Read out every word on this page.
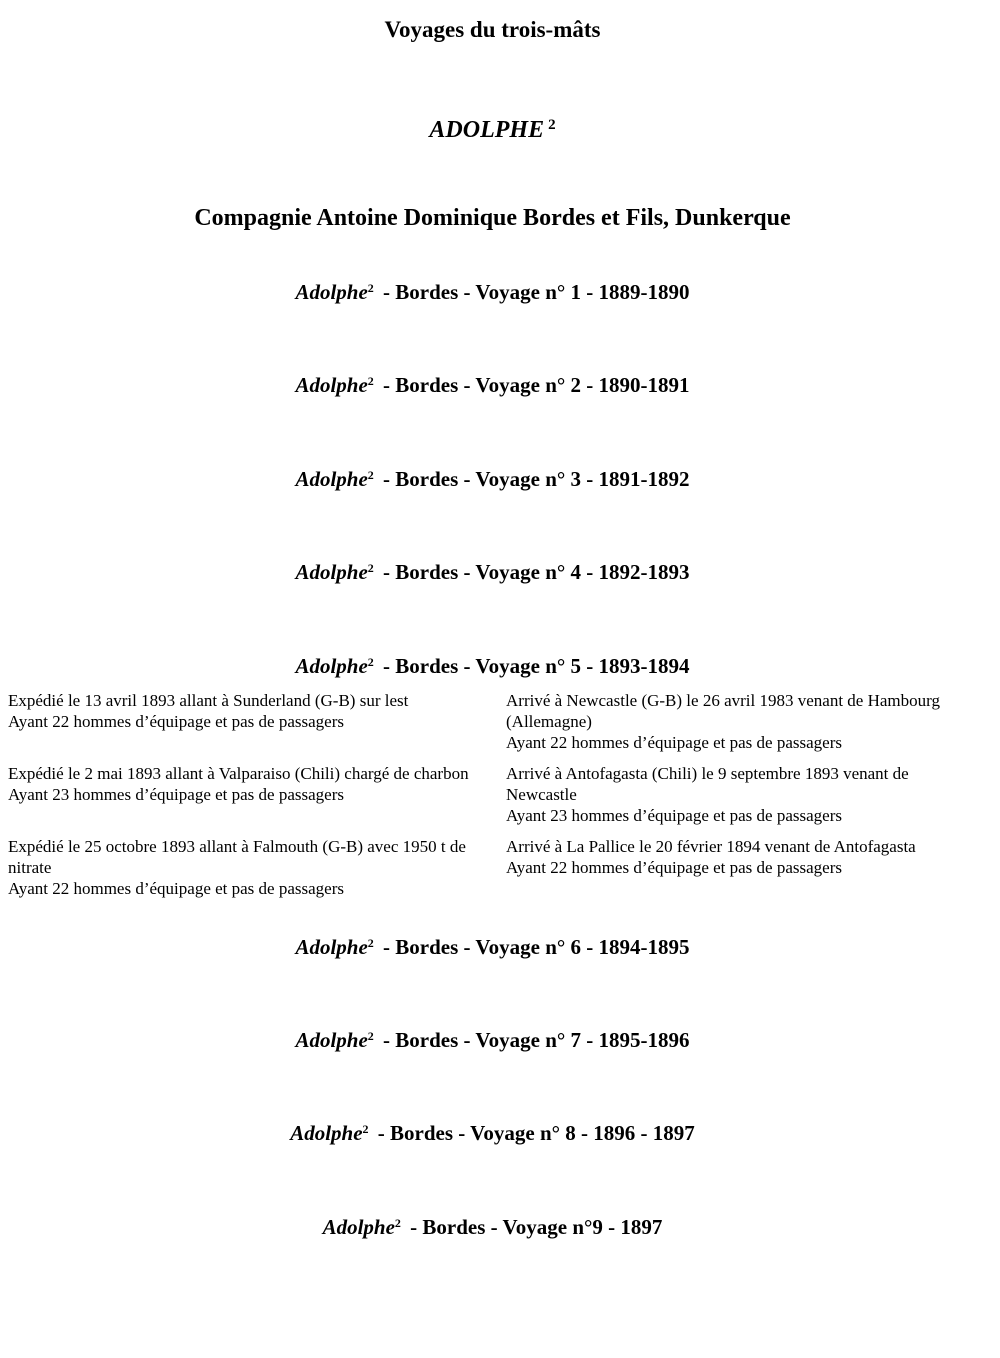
Voyages du trois-mâts
ADOLPHE $^2$
Compagnie Antoine Dominique Bordes et Fils, Dunkerque
Adolphe$^2$ - Bordes - Voyage n° 1 - 1889-1890
Adolphe$^2$ - Bordes - Voyage n° 2 - 1890-1891
Adolphe$^2$ - Bordes - Voyage n° 3 - 1891-1892
Adolphe$^2$ - Bordes - Voyage n° 4 - 1892-1893
Adolphe$^2$ - Bordes - Voyage n° 5 - 1893-1894
Expédié le 13 avril 1893 allant à Sunderland (G-B) sur lest
Ayant 22 hommes d’équipage et pas de passagers
Arrivé à Newcastle (G-B) le 26 avril 1983 venant de Hambourg (Allemagne)
Ayant 22 hommes d’équipage et pas de passagers
Expédié le 2 mai 1893 allant à Valparaiso (Chili) chargé de charbon
Ayant 23 hommes d’équipage et pas de passagers
Arrivé à Antofagasta (Chili) le 9 septembre 1893 venant de Newcastle
Ayant 23 hommes d’équipage et pas de passagers
Expédié le 25 octobre 1893 allant à Falmouth (G-B) avec 1950 t de nitrate
Ayant 22 hommes d’équipage et pas de passagers
Arrivé à La Pallice le 20 février 1894 venant de Antofagasta
Ayant 22 hommes d’équipage et pas de passagers
Adolphe$^2$ - Bordes - Voyage n° 6 - 1894-1895
Adolphe$^2$ - Bordes - Voyage n° 7 - 1895-1896
Adolphe$^2$ - Bordes - Voyage n° 8 - 1896 - 1897
Adolphe$^2$ - Bordes - Voyage n°9 - 1897
